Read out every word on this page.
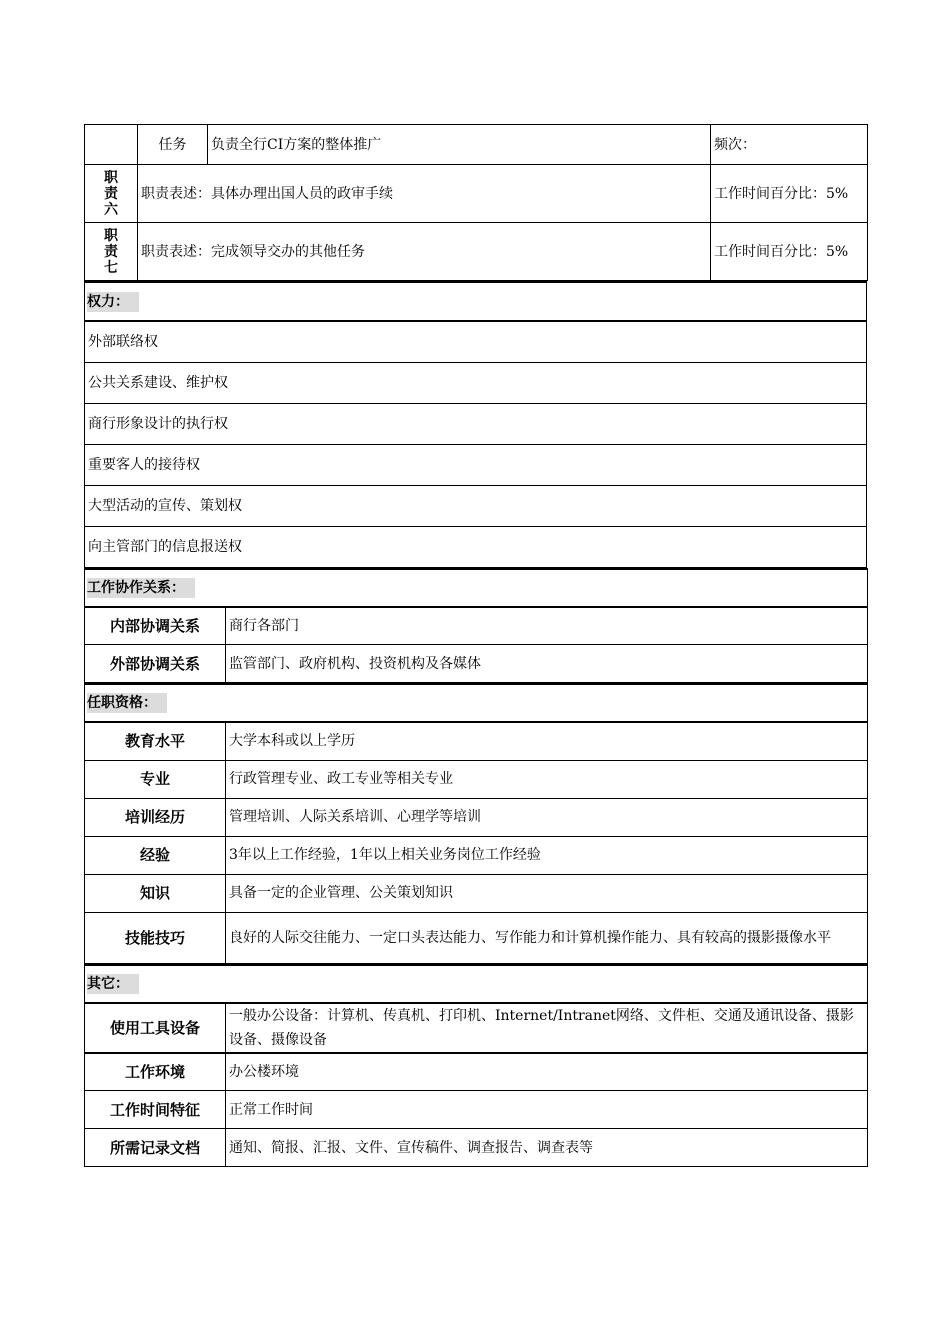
	任务	负责全行CI方案的整体推广	频次：

职责六	职责表述：具体办理出国人员的政审手续		工作时间百分比：5%

职责七	职责表述：完成领导交办的其他任务		工作时间百分比：5%
权力：
外部联络权
公共关系建设、维护权
商行形象设计的执行权
重要客人的接待权
大型活动的宣传、策划权
向主管部门的信息报送权
工作协作关系：	
内部协调关系	商行各部门
外部协调关系	监管部门、政府机构、投资机构及各媒体
任职资格：	
教育水平	大学本科或以上学历
专业	行政管理专业、政工专业等相关专业
培训经历	管理培训、人际关系培训、心理学等培训
经验	3年以上工作经验，1年以上相关业务岗位工作经验
知识	具备一定的企业管理、公关策划知识
技能技巧	良好的人际交往能力、一定口头表达能力、写作能力和计算机操作能力、具有较高的摄影摄像水平
其它：	
使用工具设备	一般办公设备：计算机、传真机、打印机、Internet/Intranet网络、文件柜、交通及通讯设备、摄影设备、摄像设备
工作环境	办公楼环境
工作时间特征	正常工作时间
所需记录文档	通知、简报、汇报、文件、宣传稿件、调查报告、调查表等
